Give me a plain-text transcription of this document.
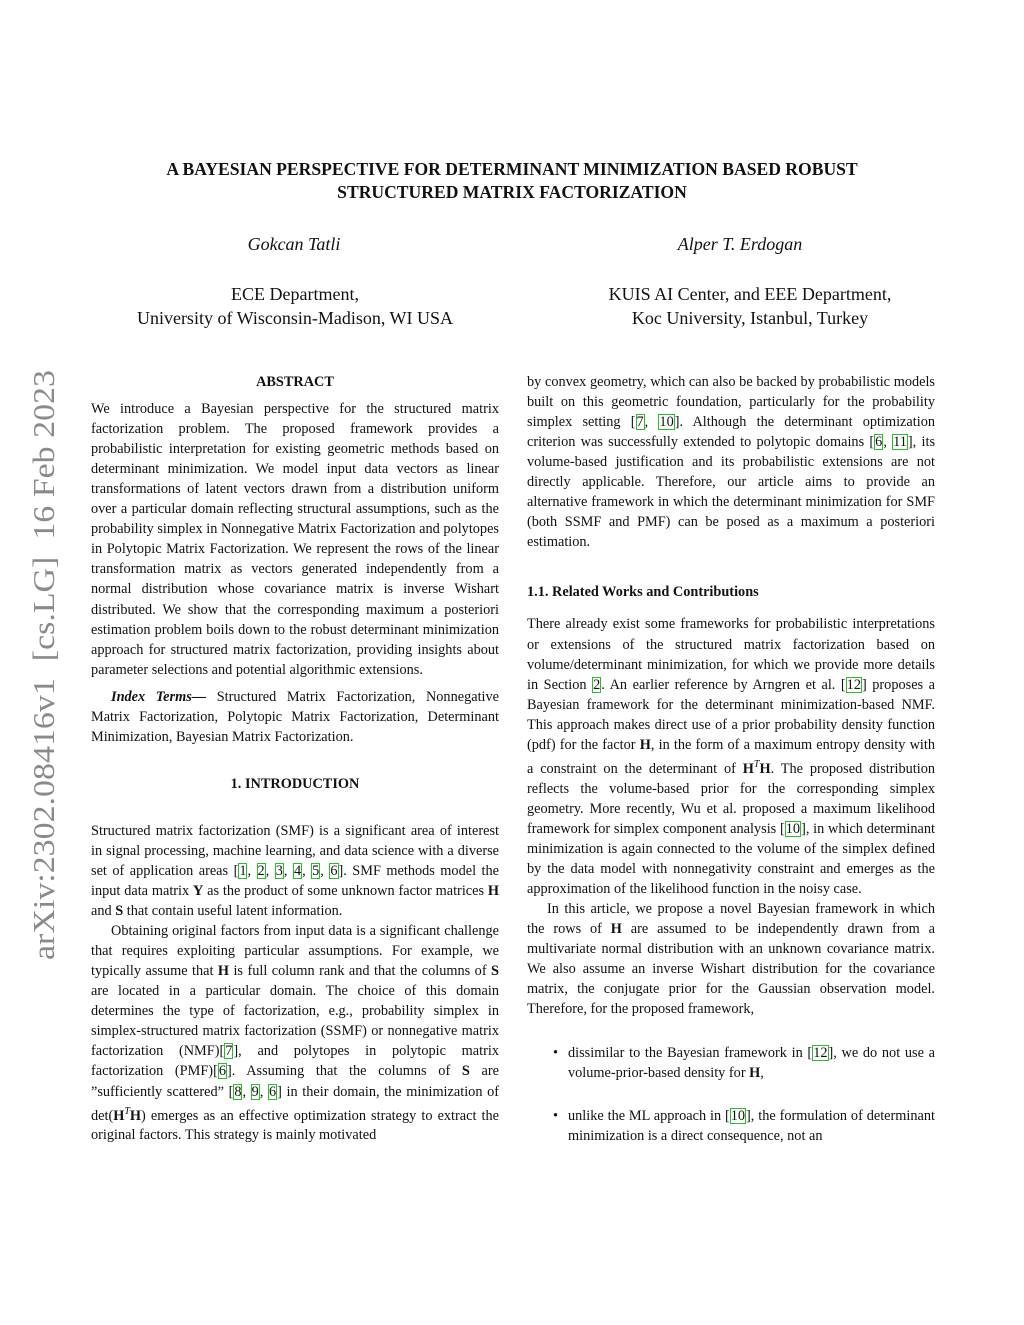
A BAYESIAN PERSPECTIVE FOR DETERMINANT MINIMIZATION BASED ROBUST
STRUCTURED MATRIX FACTORIZATION
Gokcan Tatli	Alper T. Erdogan
ECE Department,
University of Wisconsin-Madison, WI USA
KUIS AI Center, and EEE Department,
Koc University, Istanbul, Turkey
arXiv:2302.08416v1  [cs.LG]  16 Feb 2023
ABSTRACT

We introduce a Bayesian perspective for the structured matrix factorization problem. The proposed framework provides a probabilistic interpretation for existing geometric methods based on determinant minimization. We model input data vectors as linear transformations of latent vectors drawn from a distribution uniform over a particular domain reflecting structural assumptions, such as the probability simplex in Nonnegative Matrix Factorization and polytopes in Polytopic Matrix Factorization. We represent the rows of the linear transformation matrix as vectors generated independently from a normal distribution whose covariance matrix is inverse Wishart distributed. We show that the corresponding maximum a posteriori estimation problem boils down to the robust determinant minimization approach for structured matrix factorization, providing insights about parameter selections and potential algorithmic extensions.

Index Terms— Structured Matrix Factorization, Nonnegative Matrix Factorization, Polytopic Matrix Factorization, Determinant Minimization, Bayesian Matrix Factorization.

1. INTRODUCTION

Structured matrix factorization (SMF) is a significant area of interest in signal processing, machine learning, and data science with a diverse set of application areas [1, 2, 3, 4, 5, 6]. SMF methods model the input data matrix Y as the product of some unknown factor matrices H and S that contain useful latent information.

Obtaining original factors from input data is a significant challenge that requires exploiting particular assumptions. For example, we typically assume that H is full column rank and that the columns of S are located in a particular domain. The choice of this domain determines the type of factorization, e.g., probability simplex in simplex-structured matrix factorization (SSMF) or nonnegative matrix factorization (NMF)[7], and polytopes in polytopic matrix factorization (PMF)[6]. Assuming that the columns of S are ”sufficiently scattered” [8, 9, 6] in their domain, the minimization of $\det(H^TH)$ emerges as an effective optimization strategy to extract the original factors. This strategy is mainly motivated

by convex geometry, which can also be backed by probabilistic models built on this geometric foundation, particularly for the probability simplex setting [7, 10]. Although the determinant optimization criterion was successfully extended to polytopic domains [6, 11], its volume-based justification and its probabilistic extensions are not directly applicable. Therefore, our article aims to provide an alternative framework in which the determinant minimization for SMF (both SSMF and PMF) can be posed as a maximum a posteriori estimation.

1.1. Related Works and Contributions

There already exist some frameworks for probabilistic interpretations or extensions of the structured matrix factorization based on volume/determinant minimization, for which we provide more details in Section 2. An earlier reference by Arngren et al. [12] proposes a Bayesian framework for the determinant minimization-based NMF. This approach makes direct use of a prior probability density function (pdf) for the factor H, in the form of a maximum entropy density with a constraint on the determinant of $H^TH$. The proposed distribution reflects the volume-based prior for the corresponding simplex geometry. More recently, Wu et al. proposed a maximum likelihood framework for simplex component analysis [10], in which determinant minimization is again connected to the volume of the simplex defined by the data model with nonnegativity constraint and emerges as the approximation of the likelihood function in the noisy case.

In this article, we propose a novel Bayesian framework in which the rows of H are assumed to be independently drawn from a multivariate normal distribution with an unknown covariance matrix. We also assume an inverse Wishart distribution for the covariance matrix, the conjugate prior for the Gaussian observation model. Therefore, for the proposed framework,

• dissimilar to the Bayesian framework in [12], we do not use a volume-prior-based density for H,
• unlike the ML approach in [10], the formulation of determinant minimization is a direct consequence, not an
